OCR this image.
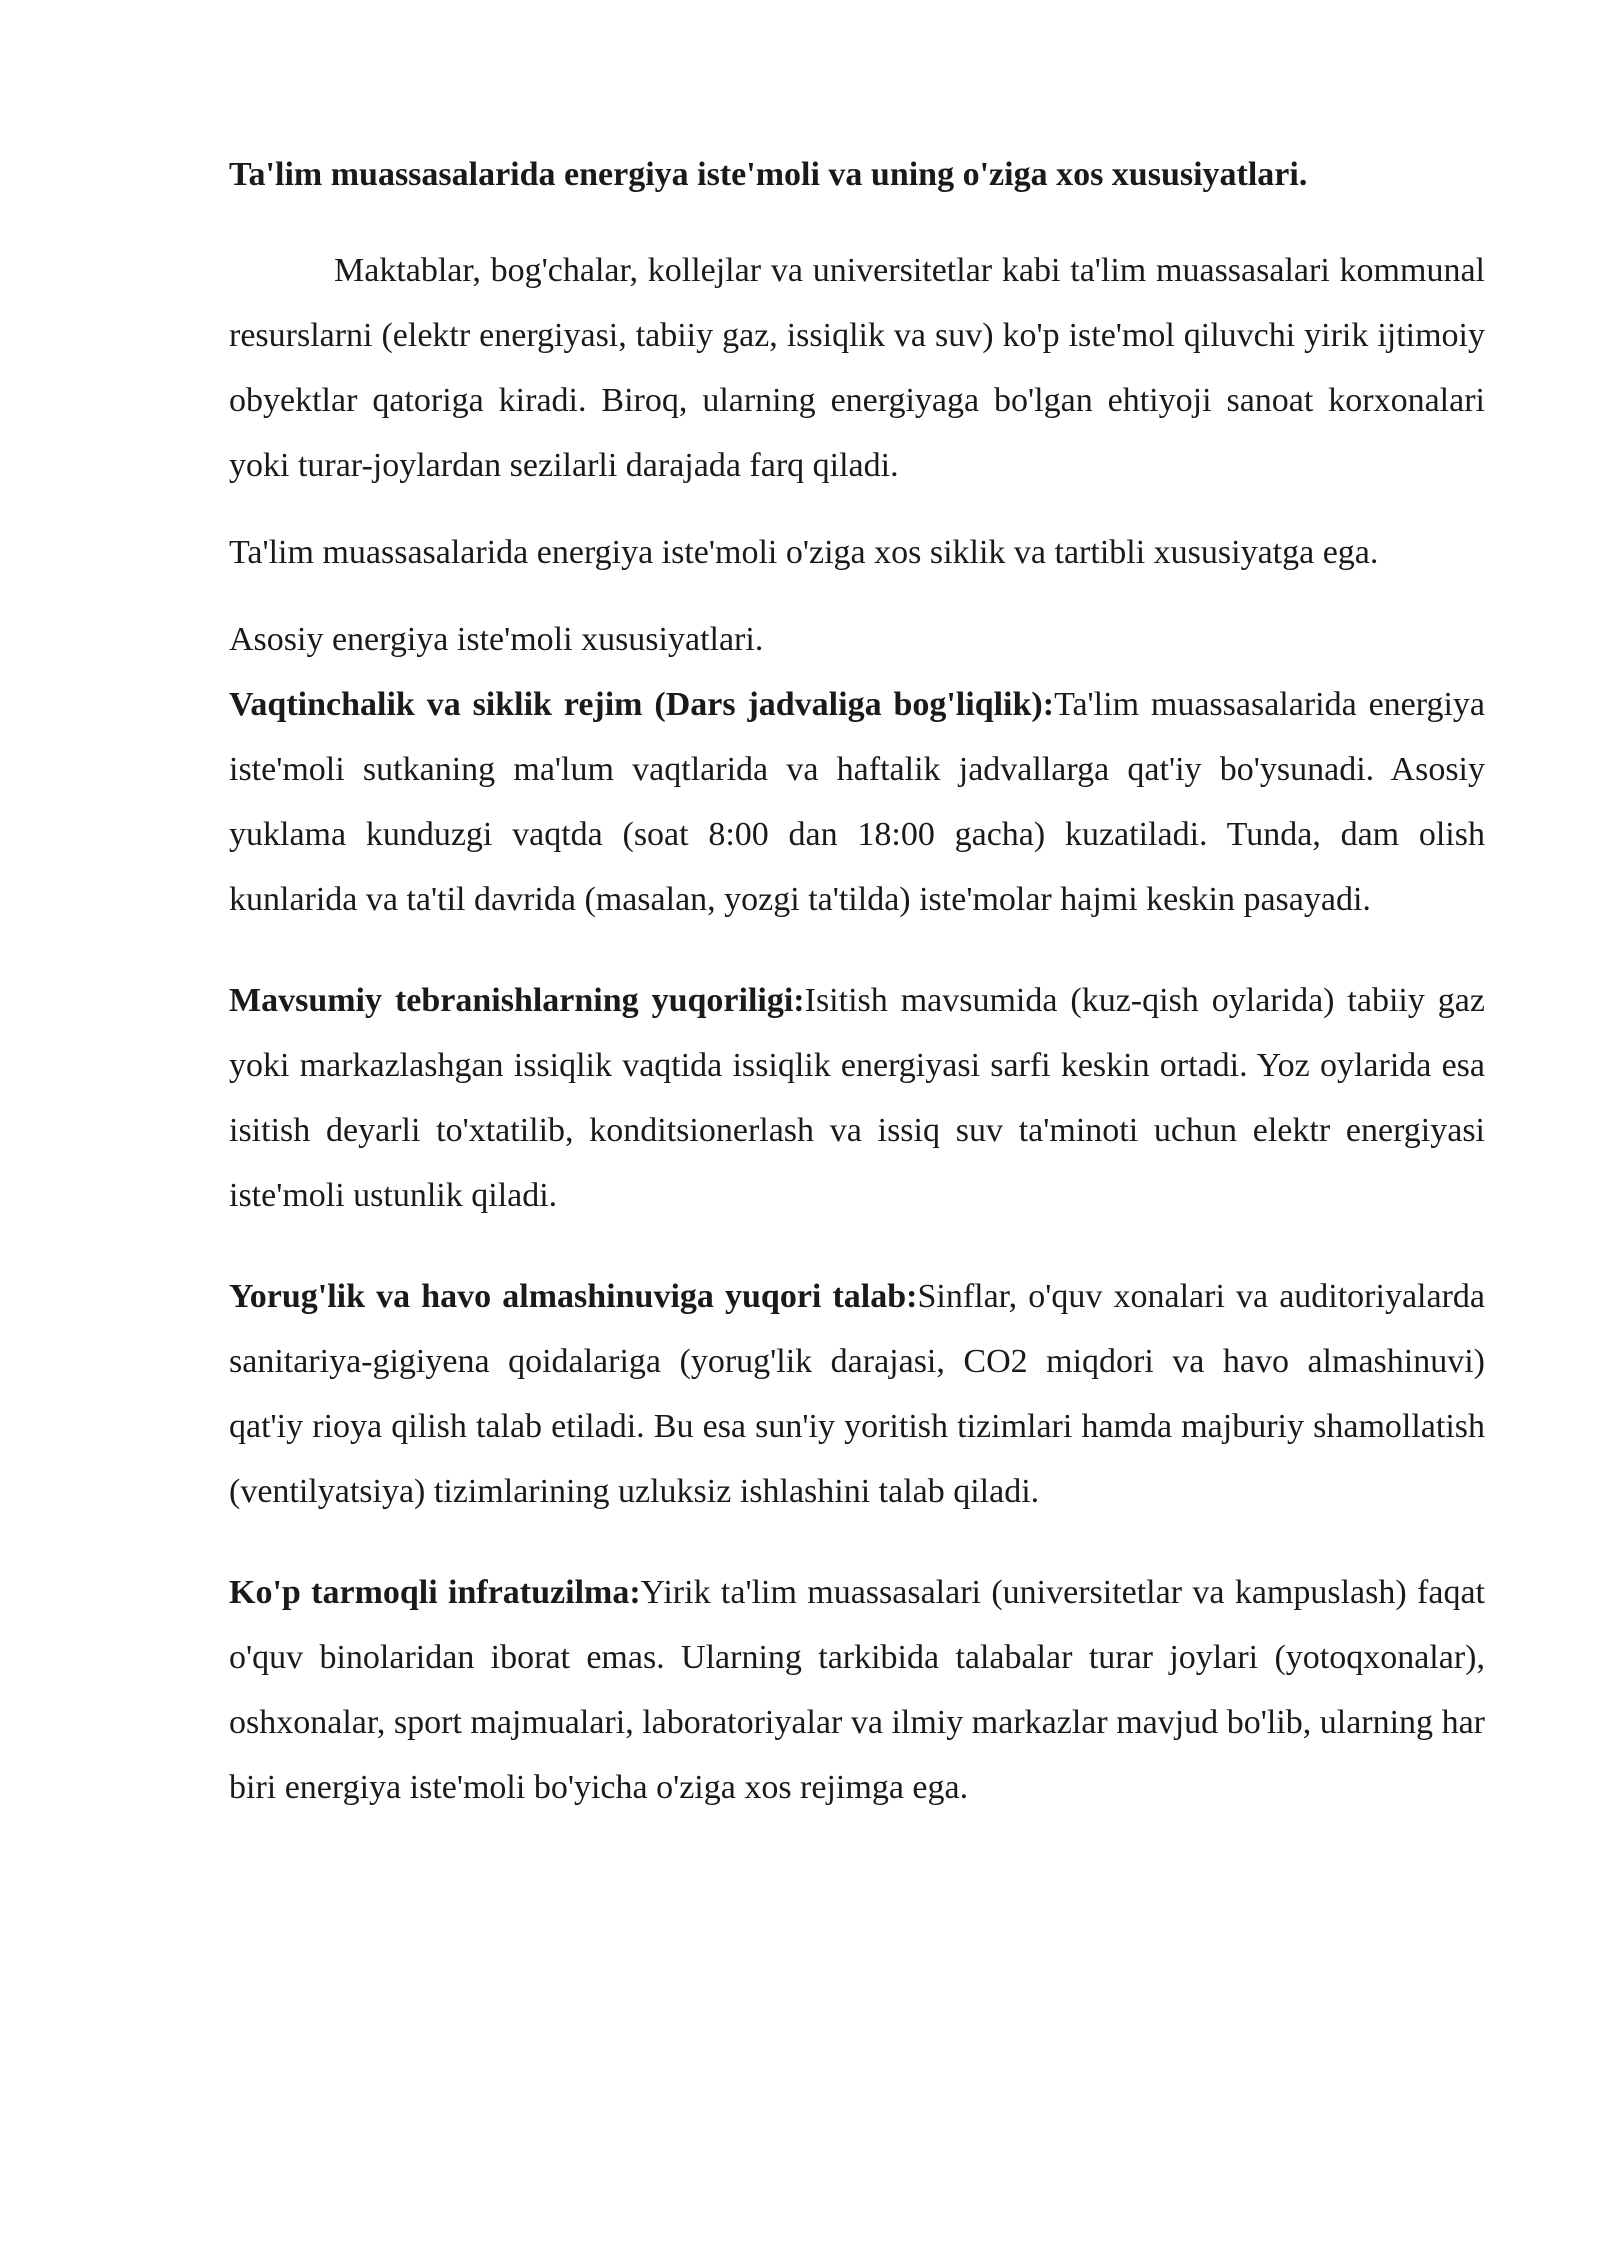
Ta'lim muassasalarida energiya iste'moli va uning o'ziga xos xususiyatlari.

Maktablar, bog'chalar, kollejlar va universitetlar kabi ta'lim muassasalari kommunal resurslarni (elektr energiyasi, tabiiy gaz, issiqlik va suv) ko'p iste'mol qiluvchi yirik ijtimoiy obyektlar qatoriga kiradi. Biroq, ularning energiyaga bo'lgan ehtiyoji sanoat korxonalari yoki turar-joylardan sezilarli darajada farq qiladi.

Ta'lim muassasalarida energiya iste'moli o'ziga xos siklik va tartibli xususiyatga ega.

Asosiy energiya iste'moli xususiyatlari.

Vaqtinchalik va siklik rejim (Dars jadvaliga bog'liqlik):Ta'lim muassasalarida energiya iste'moli sutkaning ma'lum vaqtlarida va haftalik jadvallarga qat'iy bo'ysunadi. Asosiy yuklama kunduzgi vaqtda (soat 8:00 dan 18:00 gacha) kuzatiladi. Tunda, dam olish kunlarida va ta'til davrida (masalan, yozgi ta'tilda) iste'molar hajmi keskin pasayadi.

Mavsumiy tebranishlarning yuqoriligi:Isitish mavsumida (kuz-qish oylarida) tabiiy gaz yoki markazlashgan issiqlik vaqtida issiqlik energiyasi sarfi keskin ortadi. Yoz oylarida esa isitish deyarli to'xtatilib, konditsionerlash va issiq suv ta'minoti uchun elektr energiyasi iste'moli ustunlik qiladi.

Yorug'lik va havo almashinuviga yuqori talab:Sinflar, o'quv xonalari va auditoriyalarda sanitariya-gigiyena qoidalariga (yorug'lik darajasi, CO2 miqdori va havo almashinuvi) qat'iy rioya qilish talab etiladi. Bu esa sun'iy yoritish tizimlari hamda majburiy shamollatish (ventilyatsiya) tizimlarining uzluksiz ishlashini talab qiladi.

Ko'p tarmoqli infratuzilma:Yirik ta'lim muassasalari (universitetlar va kampuslash) faqat o'quv binolaridan iborat emas. Ularning tarkibida talabalar turar joylari (yotoqxonalar), oshxonalar, sport majmualari, laboratoriyalar va ilmiy markazlar mavjud bo'lib, ularning har biri energiya iste'moli bo'yicha o'ziga xos rejimga ega.
